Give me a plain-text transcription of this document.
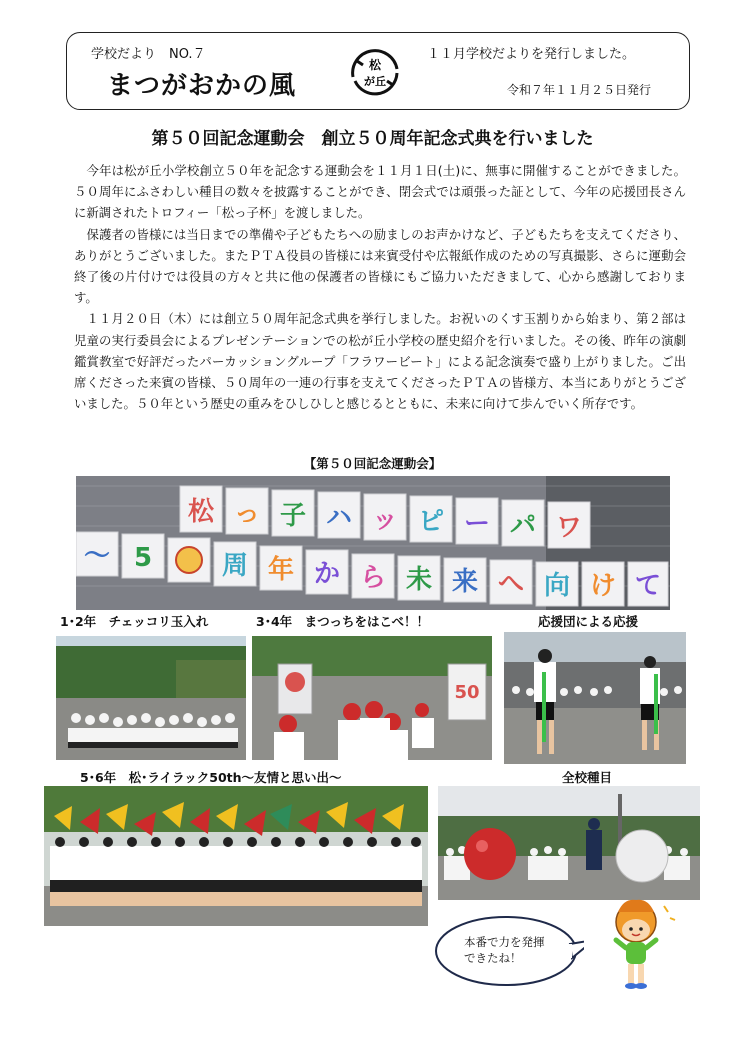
学校だより　NO.７
まつがおかの風
松
が丘
１１月学校だよりを発行しました。
令和７年１１月２５日発行
第５０回記念運動会　創立５０周年記念式典を行いました

　今年は松が丘小学校創立５０年を記念する運動会を１１月１日(土)に、無事に開催することができました。５０周年にふさわしい種目の数々を披露することができ、閉会式では頑張った証として、今年の応援団長さんに新調されたトロフィー「松っ子杯」を渡しました。

　保護者の皆様には当日までの準備や子どもたちへの励ましのお声かけなど、子どもたちを支えてくださり、ありがとうございました。またＰＴＡ役員の皆様には来賓受付や広報紙作成のための写真撮影、さらに運動会終了後の片付けでは役員の方々と共に他の保護者の皆様にもご協力いただきまして、心から感謝しております。

　１１月２０日（木）には創立５０周年記念式典を挙行しました。お祝いのくす玉割りから始まり、第２部は児童の実行委員会によるプレゼンテーションでの松が丘小学校の歴史紹介を行いました。その後、昨年の演劇鑑賞教室で好評だったパーカッショングループ「フラワービート」による記念演奏で盛り上がりました。ご出席くださった来賓の皆様、５０周年の一連の行事を支えてくださったＰＴＡの皆様方、本当にありがとうございました。５０年という歴史の重みをひしひしと感じるとともに、未来に向けて歩んでいく所存です。

【第５０回記念運動会】
松 っ 子 ハ ッ ピ ー パ ワ
～ 5	周 年 か ら 未 来 へ 向 け て
1･2年　チェッコリ玉入れ	3･4年　まつっちをはこべ！！	応援団による応援
50
5･6年　松･ライラック50th～友情と思い出～	全校種目
本番で力を発揮
できたね！
